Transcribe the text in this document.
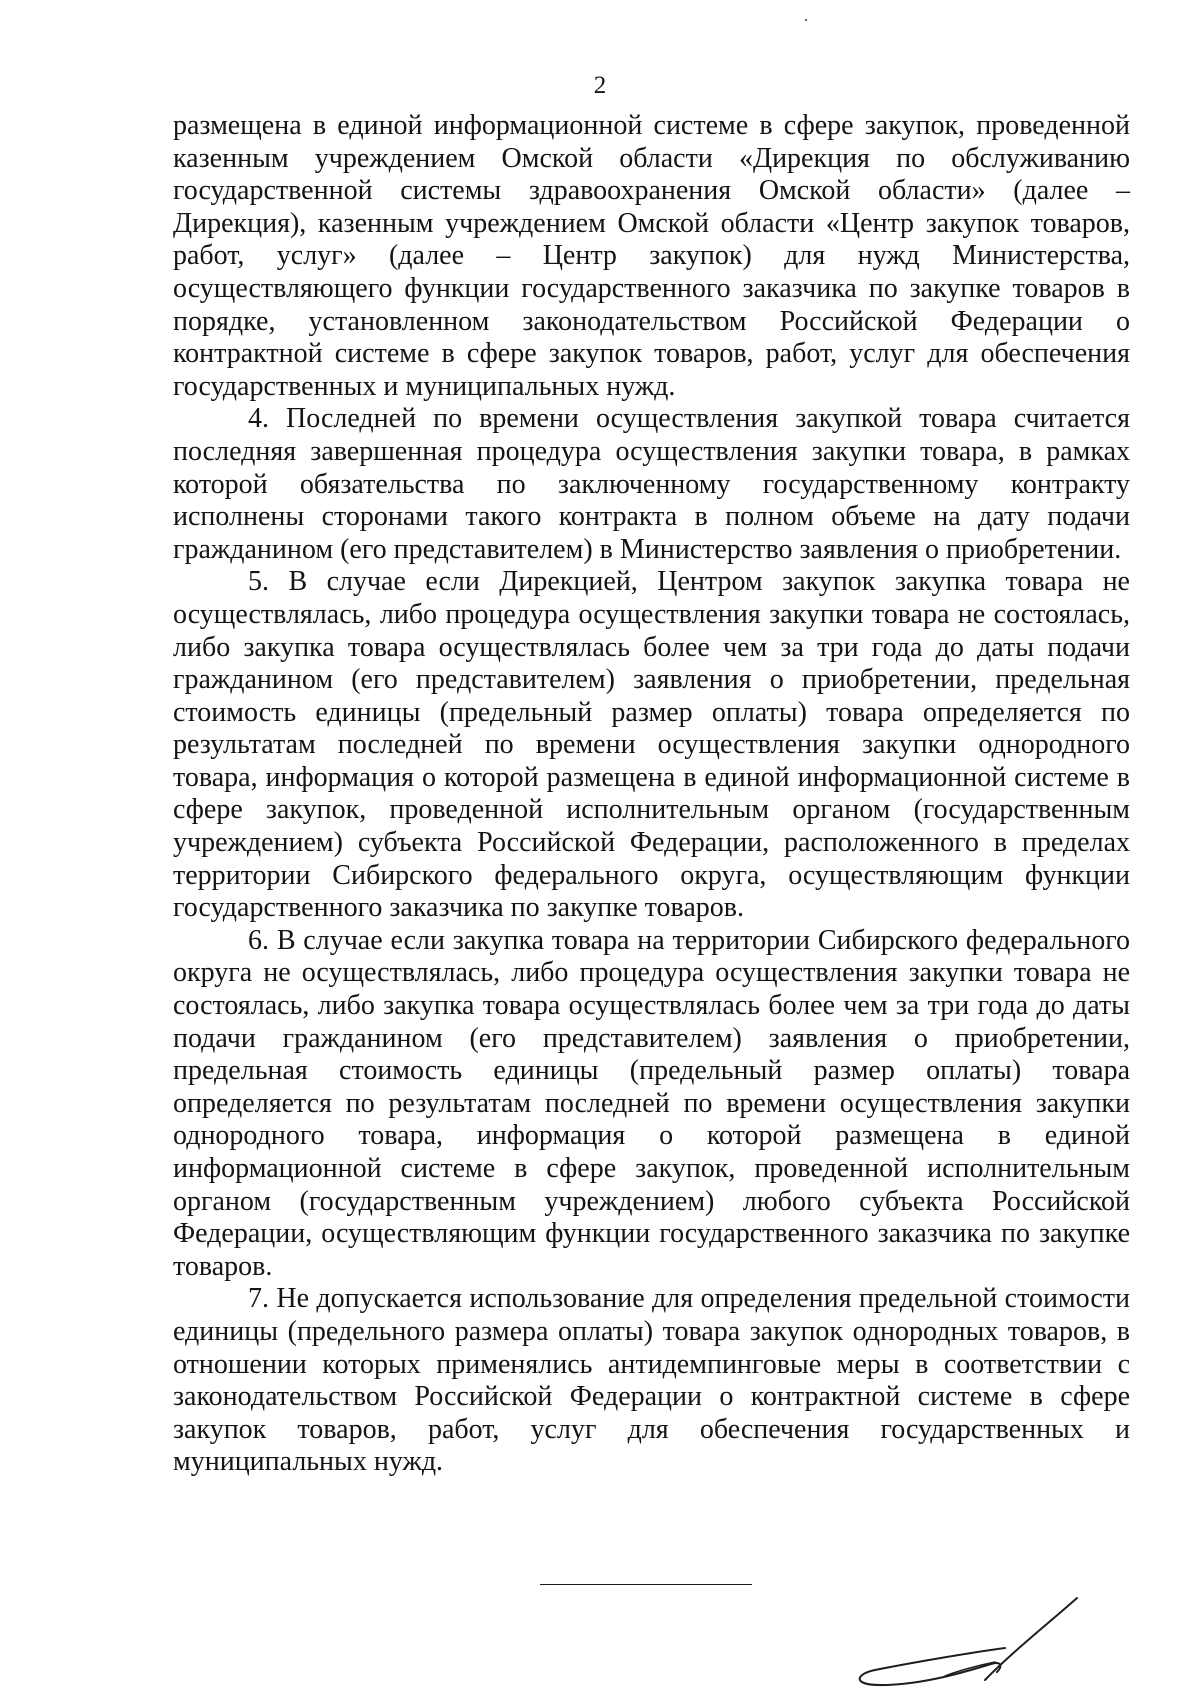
2

размещена в единой информационной системе в сфере закупок, проведенной казенным учреждением Омской области «Дирекция по обслуживанию государственной системы здравоохранения Омской области» (далее – Дирекция), казенным учреждением Омской области «Центр закупок товаров, работ, услуг» (далее – Центр закупок) для нужд Министерства, осуществляющего функции государственного заказчика по закупке товаров в порядке, установленном законодательством Российской Федерации о контрактной системе в сфере закупок товаров, работ, услуг для обеспечения государственных и муниципальных нужд.

4. Последней по времени осуществления закупкой товара считается последняя завершенная процедура осуществления закупки товара, в рамках которой обязательства по заключенному государственному контракту исполнены сторонами такого контракта в полном объеме на дату подачи гражданином (его представителем) в Министерство заявления о приобретении.

5. В случае если Дирекцией, Центром закупок закупка товара не осуществлялась, либо процедура осуществления закупки товара не состоялась, либо закупка товара осуществлялась более чем за три года до даты подачи гражданином (его представителем) заявления о приобретении, предельная стоимость единицы (предельный размер оплаты) товара определяется по результатам последней по времени осуществления закупки однородного товара, информация о которой размещена в единой информационной системе в сфере закупок, проведенной исполнительным органом (государственным учреждением) субъекта Российской Федерации, расположенного в пределах территории Сибирского федерального округа, осуществляющим функции государственного заказчика по закупке товаров.

6. В случае если закупка товара на территории Сибирского федерального округа не осуществлялась, либо процедура осуществления закупки товара не состоялась, либо закупка товара осуществлялась более чем за три года до даты подачи гражданином (его представителем) заявления о приобретении, предельная стоимость единицы (предельный размер оплаты) товара определяется по результатам последней по времени осуществления закупки однородного товара, информация о которой размещена в единой информационной системе в сфере закупок, проведенной исполнительным органом (государственным учреждением) любого субъекта Российской Федерации, осуществляющим функции государственного заказчика по закупке товаров.

7. Не допускается использование для определения предельной стоимости единицы (предельного размера оплаты) товара закупок однородных товаров, в отношении которых применялись антидемпинговые меры в соответствии с законодательством Российской Федерации о контрактной системе в сфере закупок товаров, работ, услуг для обеспечения государственных и муниципальных нужд.
